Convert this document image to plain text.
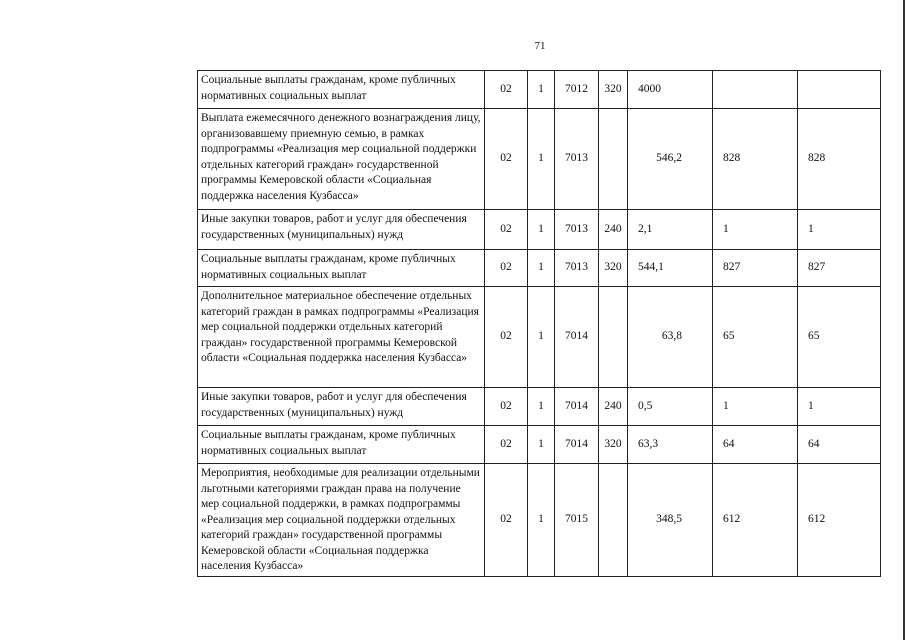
71
Социальные выплаты гражданам, кроме публичных нормативных социальных выплат	02	1	7012	320	4000		
Выплата ежемесячного денежного вознаграждения лицу, организовавшему приемную семью, в рамках подпрограммы «Реализация мер социальной поддержки отдельных категорий граждан» государственной программы Кемеровской области «Социальная поддержка населения Кузбасса»	02	1	7013		546,2	828	828
Иные закупки товаров, работ и услуг для обеспечения государственных (муниципальных) нужд	02	1	7013	240	2,1	1	1
Социальные выплаты гражданам, кроме публичных нормативных социальных выплат	02	1	7013	320	544,1	827	827
Дополнительное материальное обеспечение отдельных категорий граждан в рамках подпрограммы «Реализация мер социальной поддержки отдельных категорий граждан» государственной программы Кемеровской области «Социальная поддержка населения Кузбасса»	02	1	7014		63,8	65	65
Иные закупки товаров, работ и услуг для обеспечения государственных (муниципальных) нужд	02	1	7014	240	0,5	1	1
Социальные выплаты гражданам, кроме публичных нормативных социальных выплат	02	1	7014	320	63,3	64	64
Мероприятия, необходимые для реализации отдельными льготными категориями граждан права на получение мер социальной поддержки, в рамках подпрограммы «Реализация мер социальной поддержки отдельных категорий граждан» государственной программы Кемеровской области «Социальная поддержка населения Кузбасса»	02	1	7015		348,5	612	612
